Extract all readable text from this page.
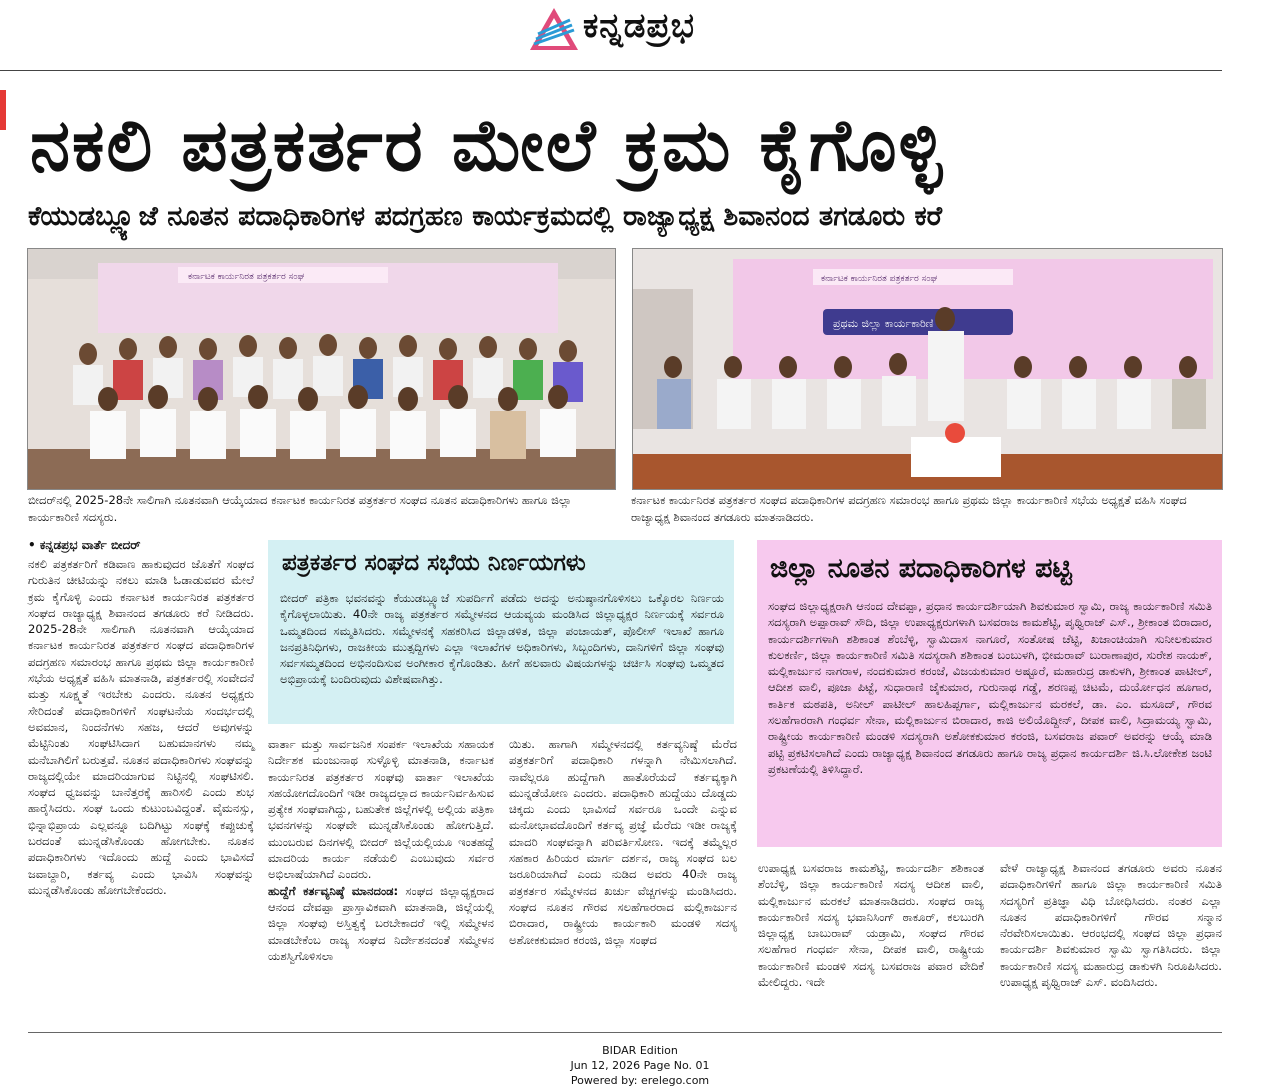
ಕನ್ನಡಪ್ರಭ
ನಕಲಿ ಪತ್ರಕರ್ತರ ಮೇಲೆ ಕ್ರಮ ಕೈಗೊಳ್ಳಿ
ಕೆಯುಡಬ್ಲ್ಯೂಜೆ ನೂತನ ಪದಾಧಿಕಾರಿಗಳ ಪದಗ್ರಹಣ ಕಾರ್ಯಕ್ರಮದಲ್ಲಿ ರಾಜ್ಯಾಧ್ಯಕ್ಷ ಶಿವಾನಂದ ತಗಡೂರು ಕರೆ
ಕರ್ನಾಟಕ ಕಾರ್ಯನಿರತ ಪತ್ರಕರ್ತರ ಸಂಘ	ಕರ್ನಾಟಕ ಕಾರ್ಯನಿರತ ಪತ್ರಕರ್ತರ ಸಂಘ
ಪ್ರಥಮ ಜಿಲ್ಲಾ ಕಾರ್ಯಕಾರಿಣಿ
ಬೀದರ್‌ನಲ್ಲಿ 2025-28ನೇ ಸಾಲಿಗಾಗಿ ನೂತನವಾಗಿ ಆಯ್ಕೆಯಾದ ಕರ್ನಾಟಕ ಕಾರ್ಯನಿರತ ಪತ್ರಕರ್ತರ ಸಂಘದ ನೂತನ ಪದಾಧಿಕಾರಿಗಳು ಹಾಗೂ ಜಿಲ್ಲಾ ಕಾರ್ಯಕಾರಿಣಿ ಸದಸ್ಯರು.
ಕರ್ನಾಟಕ ಕಾರ್ಯನಿರತ ಪತ್ರಕರ್ತರ ಸಂಘದ ಪದಾಧಿಕಾರಿಗಳ ಪದಗ್ರಹಣ ಸಮಾರಂಭ ಹಾಗೂ ಪ್ರಥಮ ಜಿಲ್ಲಾ ಕಾರ್ಯಕಾರಿಣಿ ಸಭೆಯ ಅಧ್ಯಕ್ಷತೆ ವಹಿಸಿ ಸಂಘದ ರಾಜ್ಯಾಧ್ಯಕ್ಷ ಶಿವಾನಂದ ತಗಡೂರು ಮಾತನಾಡಿದರು.
• ಕನ್ನಡಪ್ರಭ ವಾರ್ತೆ ಬೀದರ್
ನಕಲಿ ಪತ್ರಕರ್ತರಿಗೆ ಕಡಿವಾಣ ಹಾಕುವುದರ ಜೊತೆಗೆ ಸಂಘದ ಗುರುತಿನ ಚೀಟಿಯನ್ನು ನಕಲು ಮಾಡಿ ಓಡಾಡುವವರ ಮೇಲೆ ಕ್ರಮ ಕೈಗೊಳ್ಳಿ ಎಂದು ಕರ್ನಾಟಕ ಕಾರ್ಯನಿರತ ಪತ್ರಕರ್ತರ ಸಂಘದ ರಾಜ್ಯಾಧ್ಯಕ್ಷ ಶಿವಾನಂದ ತಗಡೂರು ಕರೆ ನೀಡಿದರು. 2025-28ನೇ ಸಾಲಿಗಾಗಿ ನೂತನವಾಗಿ ಆಯ್ಕೆಯಾದ ಕರ್ನಾಟಕ ಕಾರ್ಯನಿರತ ಪತ್ರಕರ್ತರ ಸಂಘದ ಪದಾಧಿಕಾರಿಗಳ ಪದಗ್ರಹಣ ಸಮಾರಂಭ ಹಾಗೂ ಪ್ರಥಮ ಜಿಲ್ಲಾ ಕಾರ್ಯಕಾರಿಣಿ ಸಭೆಯ ಅಧ್ಯಕ್ಷತೆ ವಹಿಸಿ ಮಾತನಾಡಿ, ಪತ್ರಕರ್ತರಲ್ಲಿ ಸಂವೇದನೆ ಮತ್ತು ಸೂಕ್ಷ್ಮತೆ ಇರಬೇಕು ಎಂದರು. ನೂತನ ಅಧ್ಯಕ್ಷರು ಸೇರಿದಂತೆ ಪದಾಧಿಕಾರಿಗಳಿಗೆ ಸಂಘಟನೆಯ ಸಂದರ್ಭದಲ್ಲಿ ಅವಮಾನ, ನಿಂದನೆಗಳು ಸಹಜ, ಆದರೆ ಅವುಗಳನ್ನು ಮೆಟ್ಟಿನಿಂತು ಸಂಘಟಿಸಿದಾಗ ಬಹುಮಾನಗಳು ನಮ್ಮ ಮನೆಬಾಗಿಲಿಗೆ ಬರುತ್ತವೆ. ನೂತನ ಪದಾಧಿಕಾರಿಗಳು ಸಂಘವನ್ನು ರಾಜ್ಯದಲ್ಲಿಯೇ ಮಾದರಿಯಾಗುವ ನಿಟ್ಟಿನಲ್ಲಿ ಸಂಘಟಿಸಲಿ. ಸಂಘದ ಧ್ವಜವನ್ನು ಬಾನೆತ್ತರಕ್ಕೆ ಹಾರಿಸಲಿ ಎಂದು ಶುಭ ಹಾರೈಸಿದರು. ಸಂಘ ಒಂದು ಕುಟುಂಬವಿದ್ದಂತೆ. ವೈಮನಸ್ಸು, ಭಿನ್ನಾಭಿಪ್ರಾಯ ಎಲ್ಲವನ್ನೂ ಬದಿಗಿಟ್ಟು ಸಂಘಕ್ಕೆ ಕಪ್ಪುಚುಕ್ಕೆ ಬರದಂತೆ ಮುನ್ನಡೆಸಿಕೊಂಡು ಹೋಗಬೇಕು. ನೂತನ ಪದಾಧಿಕಾರಿಗಳು ಇದೊಂದು ಹುದ್ದೆ ಎಂದು ಭಾವಿಸದೆ ಜವಾಬ್ದಾರಿ, ಕರ್ತವ್ಯ ಎಂದು ಭಾವಿಸಿ ಸಂಘವನ್ನು ಮುನ್ನಡೆಸಿಕೊಂಡು ಹೋಗಬೇಕೆಂದರು.
ಪತ್ರಕರ್ತರ ಸಂಘದ ಸಭೆಯ ನಿರ್ಣಯಗಳು
ಬೀದರ್ ಪತ್ರಿಕಾ ಭವನವನ್ನು ಕೆಯುಡಬ್ಲ್ಯೂಜೆ ಸುಪರ್ದಿಗೆ ಪಡೆದು ಅದನ್ನು ಅನುಷ್ಠಾನಗೊಳಿಸಲು ಒಕ್ಕೊರಲ ನಿರ್ಣಯ ಕೈಗೊಳ್ಳಲಾಯಿತು. 40ನೇ ರಾಜ್ಯ ಪತ್ರಕರ್ತರ ಸಮ್ಮೇಳನದ ಆಯವ್ಯಯ ಮಂಡಿಸಿದ ಜಿಲ್ಲಾಧ್ಯಕ್ಷರ ನಿರ್ಣಯಕ್ಕೆ ಸರ್ವರೂ ಒಮ್ಮತದಿಂದ ಸಮ್ಮತಿಸಿದರು. ಸಮ್ಮೇಳನಕ್ಕೆ ಸಹಕರಿಸಿದ ಜಿಲ್ಲಾಡಳಿತ, ಜಿಲ್ಲಾ ಪಂಚಾಯತ್, ಪೊಲೀಸ್ ಇಲಾಖೆ ಹಾಗೂ ಜನಪ್ರತಿನಿಧಿಗಳು, ರಾಜಕೀಯ ಮುತ್ಸದ್ದಿಗಳು ಎಲ್ಲಾ ಇಲಾಖೆಗಳ ಅಧಿಕಾರಿಗಳು, ಸಿಬ್ಬಂದಿಗಳು, ದಾನಿಗಳಿಗೆ ಜಿಲ್ಲಾ ಸಂಘವು ಸರ್ವಸಮ್ಮತದಿಂದ ಅಭಿನಂದಿಸುವ ಅಂಗೀಕಾರ ಕೈಗೊಂಡಿತು. ಹೀಗೆ ಹಲವಾರು ವಿಷಯಗಳನ್ನು ಚರ್ಚಿಸಿ ಸಂಘವು ಒಮ್ಮತದ ಅಭಿಪ್ರಾಯಕ್ಕೆ ಬಂದಿರುವುದು ವಿಶೇಷವಾಗಿತ್ತು.
ಜಿಲ್ಲಾ ನೂತನ ಪದಾಧಿಕಾರಿಗಳ ಪಟ್ಟಿ
ಸಂಘದ ಜಿಲ್ಲಾಧ್ಯಕ್ಷರಾಗಿ ಆನಂದ ದೇವಪ್ಪಾ, ಪ್ರಧಾನ ಕಾರ್ಯದರ್ಶಿಯಾಗಿ ಶಿವಕುಮಾರ ಸ್ವಾಮಿ, ರಾಜ್ಯ ಕಾರ್ಯಕಾರಿಣಿ ಸಮಿತಿ ಸದಸ್ಯರಾಗಿ ಅಪ್ಪಾರಾವ್ ಸೌದಿ, ಜಿಲ್ಲಾ ಉಪಾಧ್ಯಕ್ಷರುಗಳಾಗಿ ಬಸವರಾಜ ಕಾಮಶೆಟ್ಟಿ, ಪೃಥ್ವಿರಾಜ್ ಎಸ್., ಶ್ರೀಕಾಂತ ಬಿರಾದಾರ, ಕಾರ್ಯದರ್ಶಿಗಳಾಗಿ ಶಶಿಕಾಂತ ಶೆಂಬೆಳ್ಳಿ, ಸ್ವಾಮಿದಾಸ ನಾಗೂರೆ, ಸಂತೋಷ ಚೆಟ್ಟಿ, ಖಜಾಂಚಿಯಾಗಿ ಸುನೀಲಕುಮಾರ ಕುಲಕರ್ಣಿ, ಜಿಲ್ಲಾ ಕಾರ್ಯಕಾರಿಣಿ ಸಮಿತಿ ಸದಸ್ಯರಾಗಿ ಶಶಿಕಾಂತ ಬಂಬುಳಗಿ, ಭೀಮರಾವ್ ಬುರಾಣಾಪುರ, ಸುರೇಶ ನಾಯಕ್, ಮಲ್ಲಿಕಾರ್ಜುನ ನಾಗರಾಳ, ನಂದಕುಮಾರ ಕರಂಜೆ, ವಿಜಯಕುಮಾರ ಅಷ್ಟೂರೆ, ಮಹಾರುದ್ರ ಡಾಕುಳಗಿ, ಶ್ರೀಕಾಂತ ಪಾಟೀಲ್, ಆದೀಶ ವಾಲಿ, ಪೂಜಾ ಪಿಟ್ಟೆ, ಸುಧಾರಾಣಿ ಜೈಕುಮಾರ, ಗುರುನಾಥ ಗಡ್ಡೆ, ಶರಣಪ್ಪ ಚಿಟಮೆ, ದುರ್ಯೋಧನ ಹೂಗಾರ, ಕಾರ್ತಿಕ ಮಠಪತಿ, ಅನೀಲ್ ಪಾಟೀಲ್ ಹಾಲಹಿಪ್ಪರ್ಗಾ, ಮಲ್ಲಿಕಾರ್ಜುನ ಮರಕಲೆ, ಡಾ. ಎಂ. ಮಸೂದ್, ಗೌರವ ಸಲಹೆಗಾರರಾಗಿ ಗಂಧರ್ವ ಸೇನಾ, ಮಲ್ಲಿಕಾರ್ಜುನ ಬಿರಾದಾರ, ಕಾಜಿ ಅಲಿಯೊದ್ದೀನ್, ದೀಪಕ ವಾಲಿ, ಸಿದ್ರಾಮಯ್ಯ ಸ್ವಾಮಿ, ರಾಷ್ಟ್ರೀಯ ಕಾರ್ಯಕಾರಿಣಿ ಮಂಡಳಿ ಸದಸ್ಯರಾಗಿ ಅಶೋಕಕುಮಾರ ಕರಂಜಿ, ಬಸವರಾಜ ಪವಾರ್ ಅವರನ್ನು ಆಯ್ಕೆ ಮಾಡಿ ಪಟ್ಟಿ ಪ್ರಕಟಿಸಲಾಗಿದೆ ಎಂದು ರಾಜ್ಯಾಧ್ಯಕ್ಷ ಶಿವಾನಂದ ತಗಡೂರು ಹಾಗೂ ರಾಜ್ಯ ಪ್ರಧಾನ ಕಾರ್ಯದರ್ಶಿ ಜಿ.ಸಿ.ಲೋಕೇಶ ಜಂಟಿ ಪ್ರಕಟಣೆಯಲ್ಲಿ ತಿಳಿಸಿದ್ದಾರೆ.
ವಾರ್ತಾ ಮತ್ತು ಸಾರ್ವಜನಿಕ ಸಂಪರ್ಕ ಇಲಾಖೆಯ ಸಹಾಯಕ ನಿರ್ದೇಶಕ ಮಂಜುನಾಥ ಸುಳ್ಳೊಳ್ಳಿ ಮಾತನಾಡಿ, ಕರ್ನಾಟಕ ಕಾರ್ಯನಿರತ ಪತ್ರಕರ್ತರ ಸಂಘವು ವಾರ್ತಾ ಇಲಾಖೆಯ ಸಹಯೋಗದೊಂದಿಗೆ ಇಡೀ ರಾಜ್ಯದಲ್ಲಾದ ಕಾರ್ಯನಿರ್ವಹಿಸುವ ಪ್ರತ್ಯೇಕ ಸಂಘವಾಗಿದ್ದು, ಬಹುತೇಕ ಜಿಲ್ಲೆಗಳಲ್ಲಿ ಅಲ್ಲಿಯ ಪತ್ರಿಕಾ ಭವನಗಳನ್ನು ಸಂಘವೇ ಮುನ್ನಡೆಸಿಕೊಂಡು ಹೋಗುತ್ತಿದೆ. ಮುಂಬರುವ ದಿನಗಳಲ್ಲಿ ಬೀದರ್ ಜಿಲ್ಲೆಯಲ್ಲಿಯೂ ಇಂತಹದ್ದೆ ಮಾದರಿಯ ಕಾರ್ಯ ನಡೆಯಲಿ ಎಂಬುವುದು ಸರ್ವರ ಅಭಿಲಾಷೆಯಾಗಿದೆ ಎಂದರು.
ಹುದ್ದೆಗೆ ಕರ್ತವ್ಯನಿಷ್ಠೆ ಮಾನದಂಡ: ಸಂಘದ ಜಿಲ್ಲಾಧ್ಯಕ್ಷರಾದ ಆನಂದ ದೇವಪ್ಪಾ ಪ್ರಾಸ್ತಾವಿಕವಾಗಿ ಮಾತನಾಡಿ, ಜಿಲ್ಲೆಯಲ್ಲಿ ಜಿಲ್ಲಾ ಸಂಘವು ಅಸ್ತಿತ್ವಕ್ಕೆ ಬರಬೇಕಾದರೆ ಇಲ್ಲಿ ಸಮ್ಮೇಳನ ಮಾಡಬೇಕೆಂಬ ರಾಜ್ಯ ಸಂಘದ ನಿರ್ದೇಶನದಂತೆ ಸಮ್ಮೇಳನ ಯಶಸ್ವಿಗೊಳಿಸಲಾ
ಯಿತು. ಹಾಗಾಗಿ ಸಮ್ಮೇಳನದಲ್ಲಿ ಕರ್ತವ್ಯನಿಷ್ಠೆ ಮೆರೆದ ಪತ್ರಕರ್ತರಿಗೆ ಪದಾಧಿಕಾರಿ ಗಳನ್ನಾಗಿ ನೇಮಿಸಲಾಗಿದೆ. ನಾವೆಲ್ಲರೂ ಹುದ್ದೆಗಾಗಿ ಹಾತೊರೆಯದೆ ಕರ್ತವ್ಯಕ್ಕಾಗಿ ಮುನ್ನಡೆಯೋಣ ಎಂದರು. ಪದಾಧಿಕಾರಿ ಹುದ್ದೆಯು ದೊಡ್ಡದು ಚಿಕ್ಕದು ಎಂದು ಭಾವಿಸದೆ ಸರ್ವರೂ ಒಂದೇ ಎನ್ನುವ ಮನೋಭಾವದೊಂದಿಗೆ ಕರ್ತವ್ಯ ಪ್ರಜ್ಞೆ ಮೆರೆದು ಇಡೀ ರಾಜ್ಯಕ್ಕೆ ಮಾದರಿ ಸಂಘವನ್ನಾಗಿ ಪರಿವರ್ತಿಸೋಣ. ಇದಕ್ಕೆ ತಮ್ಮೆಲ್ಲರ ಸಹಕಾರ ಹಿರಿಯರ ಮಾರ್ಗ ದರ್ಶನ, ರಾಜ್ಯ ಸಂಘದ ಬಲ ಜರೂರಿಯಾಗಿದೆ ಎಂದು ನುಡಿದ ಅವರು 40ನೇ ರಾಜ್ಯ ಪತ್ರಕರ್ತರ ಸಮ್ಮೇಳನದ ಖರ್ಚು ವೆಚ್ಚಗಳನ್ನು ಮಂಡಿಸಿದರು. ಸಂಘದ ನೂತನ ಗೌರವ ಸಲಹೆಗಾರರಾದ ಮಲ್ಲಿಕಾರ್ಜುನ ಬಿರಾದಾರ, ರಾಷ್ಟ್ರೀಯ ಕಾರ್ಯಕಾರಿ ಮಂಡಳಿ ಸದಸ್ಯ ಅಶೋಕಕುಮಾರ ಕರಂಜಿ, ಜಿಲ್ಲಾ ಸಂಘದ
ಉಪಾಧ್ಯಕ್ಷ ಬಸವರಾಜ ಕಾಮಶೆಟ್ಟಿ, ಕಾರ್ಯದರ್ಶಿ ಶಶಿಕಾಂತ ಶೆಂಬೆಳ್ಳಿ, ಜಿಲ್ಲಾ ಕಾರ್ಯಕಾರಿಣಿ ಸದಸ್ಯ ಆದೀಶ ವಾಲಿ, ಮಲ್ಲಿಕಾರ್ಜುನ ಮರಕಲೆ ಮಾತನಾಡಿದರು. ಸಂಘದ ರಾಜ್ಯ ಕಾರ್ಯಕಾರಿಣಿ ಸದಸ್ಯ ಭವಾನಿಸಿಂಗ್ ಠಾಕೂರ್, ಕಲಬುರಗಿ ಜಿಲ್ಲಾಧ್ಯಕ್ಷ ಬಾಬುರಾವ್ ಯಡ್ರಾಮಿ, ಸಂಘದ ಗೌರವ ಸಲಹೆಗಾರ ಗಂಧರ್ವ ಸೇನಾ, ದೀಪಕ ವಾಲಿ, ರಾಷ್ಟ್ರೀಯ ಕಾರ್ಯಕಾರಿಣಿ ಮಂಡಳಿ ಸದಸ್ಯ ಬಸವರಾಜ ಪವಾರ ವೇದಿಕೆ ಮೇಲಿದ್ದರು. ಇದೇ
ವೇಳೆ ರಾಜ್ಯಾಧ್ಯಕ್ಷ ಶಿವಾನಂದ ತಗಡೂರು ಅವರು ನೂತನ ಪದಾಧಿಕಾರಿಗಳಿಗೆ ಹಾಗೂ ಜಿಲ್ಲಾ ಕಾರ್ಯಕಾರಿಣಿ ಸಮಿತಿ ಸದಸ್ಯರಿಗೆ ಪ್ರತಿಜ್ಞಾ ವಿಧಿ ಬೋಧಿಸಿದರು. ನಂತರ ಎಲ್ಲಾ ನೂತನ ಪದಾಧಿಕಾರಿಗಳಿಗೆ ಗೌರವ ಸನ್ಮಾನ ನೆರವೇರಿಸಲಾಯಿತು. ಆರಂಭದಲ್ಲಿ ಸಂಘದ ಜಿಲ್ಲಾ ಪ್ರಧಾನ ಕಾರ್ಯದರ್ಶಿ ಶಿವಕುಮಾರ ಸ್ವಾಮಿ ಸ್ವಾಗತಿಸಿದರು. ಜಿಲ್ಲಾ ಕಾರ್ಯಕಾರಿಣಿ ಸದಸ್ಯ ಮಹಾರುದ್ರ ಡಾಕುಳಗಿ ನಿರೂಪಿಸಿದರು. ಉಪಾಧ್ಯಕ್ಷ ಪೃಥ್ವಿರಾಜ್ ಎಸ್. ವಂದಿಸಿದರು.
BIDAR Edition
Jun 12, 2026 Page No. 01
Powered by: erelego.com
